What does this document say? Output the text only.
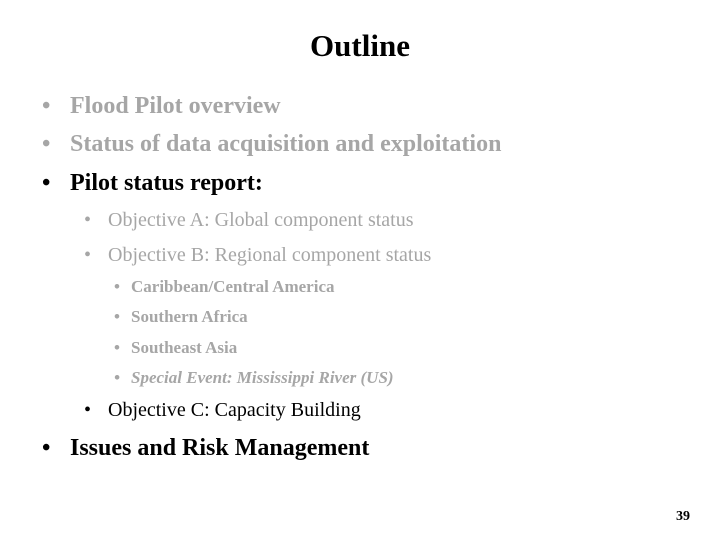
Outline
• Flood Pilot overview
• Status of data acquisition and exploitation
• Pilot status report:
• Objective A: Global component status
• Objective B: Regional component status
• Caribbean/Central America
• Southern Africa
• Southeast Asia
• Special Event: Mississippi River (US)
• Objective C: Capacity Building
• Issues and Risk Management
39
